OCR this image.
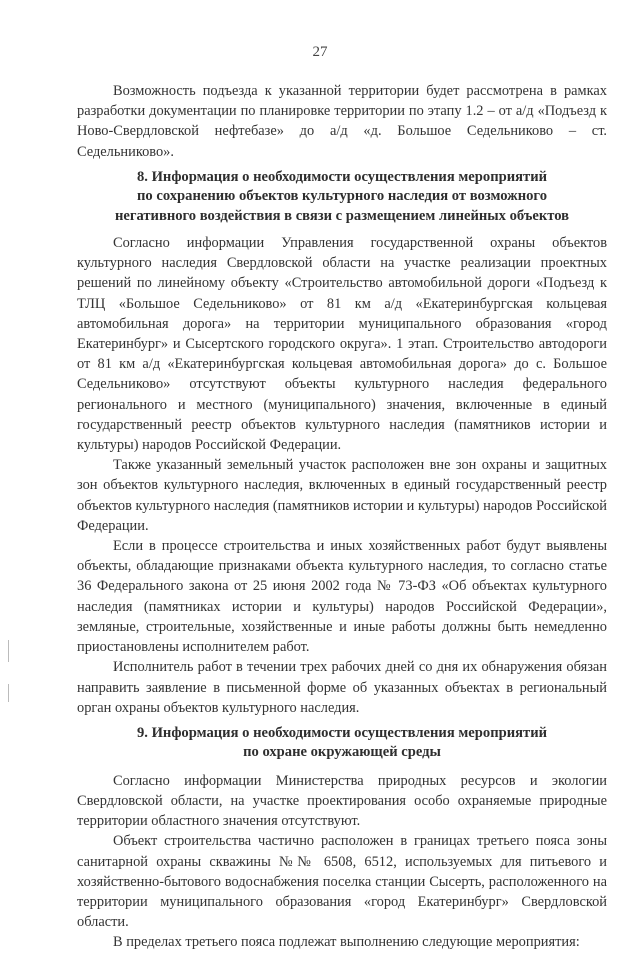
27

Возможность подъезда к указанной территории будет рассмотрена в рамках разработки документации по планировке территории по этапу 1.2 – от а/д «Подъезд к Ново-Свердловской нефтебазе» до а/д «д. Большое Седельниково – ст. Седельниково».

8. Информация о необходимости осуществления мероприятий
по сохранению объектов культурного наследия от возможного
негативного воздействия в связи с размещением линейных объектов

Согласно информации Управления государственной охраны объектов культурного наследия Свердловской области на участке реализации проектных решений по линейному объекту «Строительство автомобильной дороги «Подъезд к ТЛЦ «Большое Седельниково» от 81 км а/д «Екатеринбургская кольцевая автомобильная дорога» на территории муниципального образования «город Екатеринбург» и Сысертского городского округа». 1 этап. Строительство автодороги от 81 км а/д «Екатеринбургская кольцевая автомобильная дорога» до с. Большое Седельниково» отсутствуют объекты культурного наследия федерального регионального и местного (муниципального) значения, включенные в единый государственный реестр объектов культурного наследия (памятников истории и культуры) народов Российской Федерации.

Также указанный земельный участок расположен вне зон охраны и защитных зон объектов культурного наследия, включенных в единый государственный реестр объектов культурного наследия (памятников истории и культуры) народов Российской Федерации.

Если в процессе строительства и иных хозяйственных работ будут выявлены объекты, обладающие признаками объекта культурного наследия, то согласно статье 36 Федерального закона от 25 июня 2002 года № 73-ФЗ «Об объектах культурного наследия (памятниках истории и культуры) народов Российской Федерации», земляные, строительные, хозяйственные и иные работы должны быть немедленно приостановлены исполнителем работ.

Исполнитель работ в течении трех рабочих дней со дня их обнаружения обязан направить заявление в письменной форме об указанных объектах в региональный орган охраны объектов культурного наследия.

9. Информация о необходимости осуществления мероприятий
по охране окружающей среды

Согласно информации Министерства природных ресурсов и экологии Свердловской области, на участке проектирования особо охраняемые природные территории областного значения отсутствуют.

Объект строительства частично расположен в границах третьего пояса зоны санитарной охраны скважины №№ 6508, 6512, используемых для питьевого и хозяйственно-бытового водоснабжения поселка станции Сысерть, расположенного на территории муниципального образования «город Екатеринбург» Свердловской области.

В пределах третьего пояса подлежат выполнению следующие мероприятия:
